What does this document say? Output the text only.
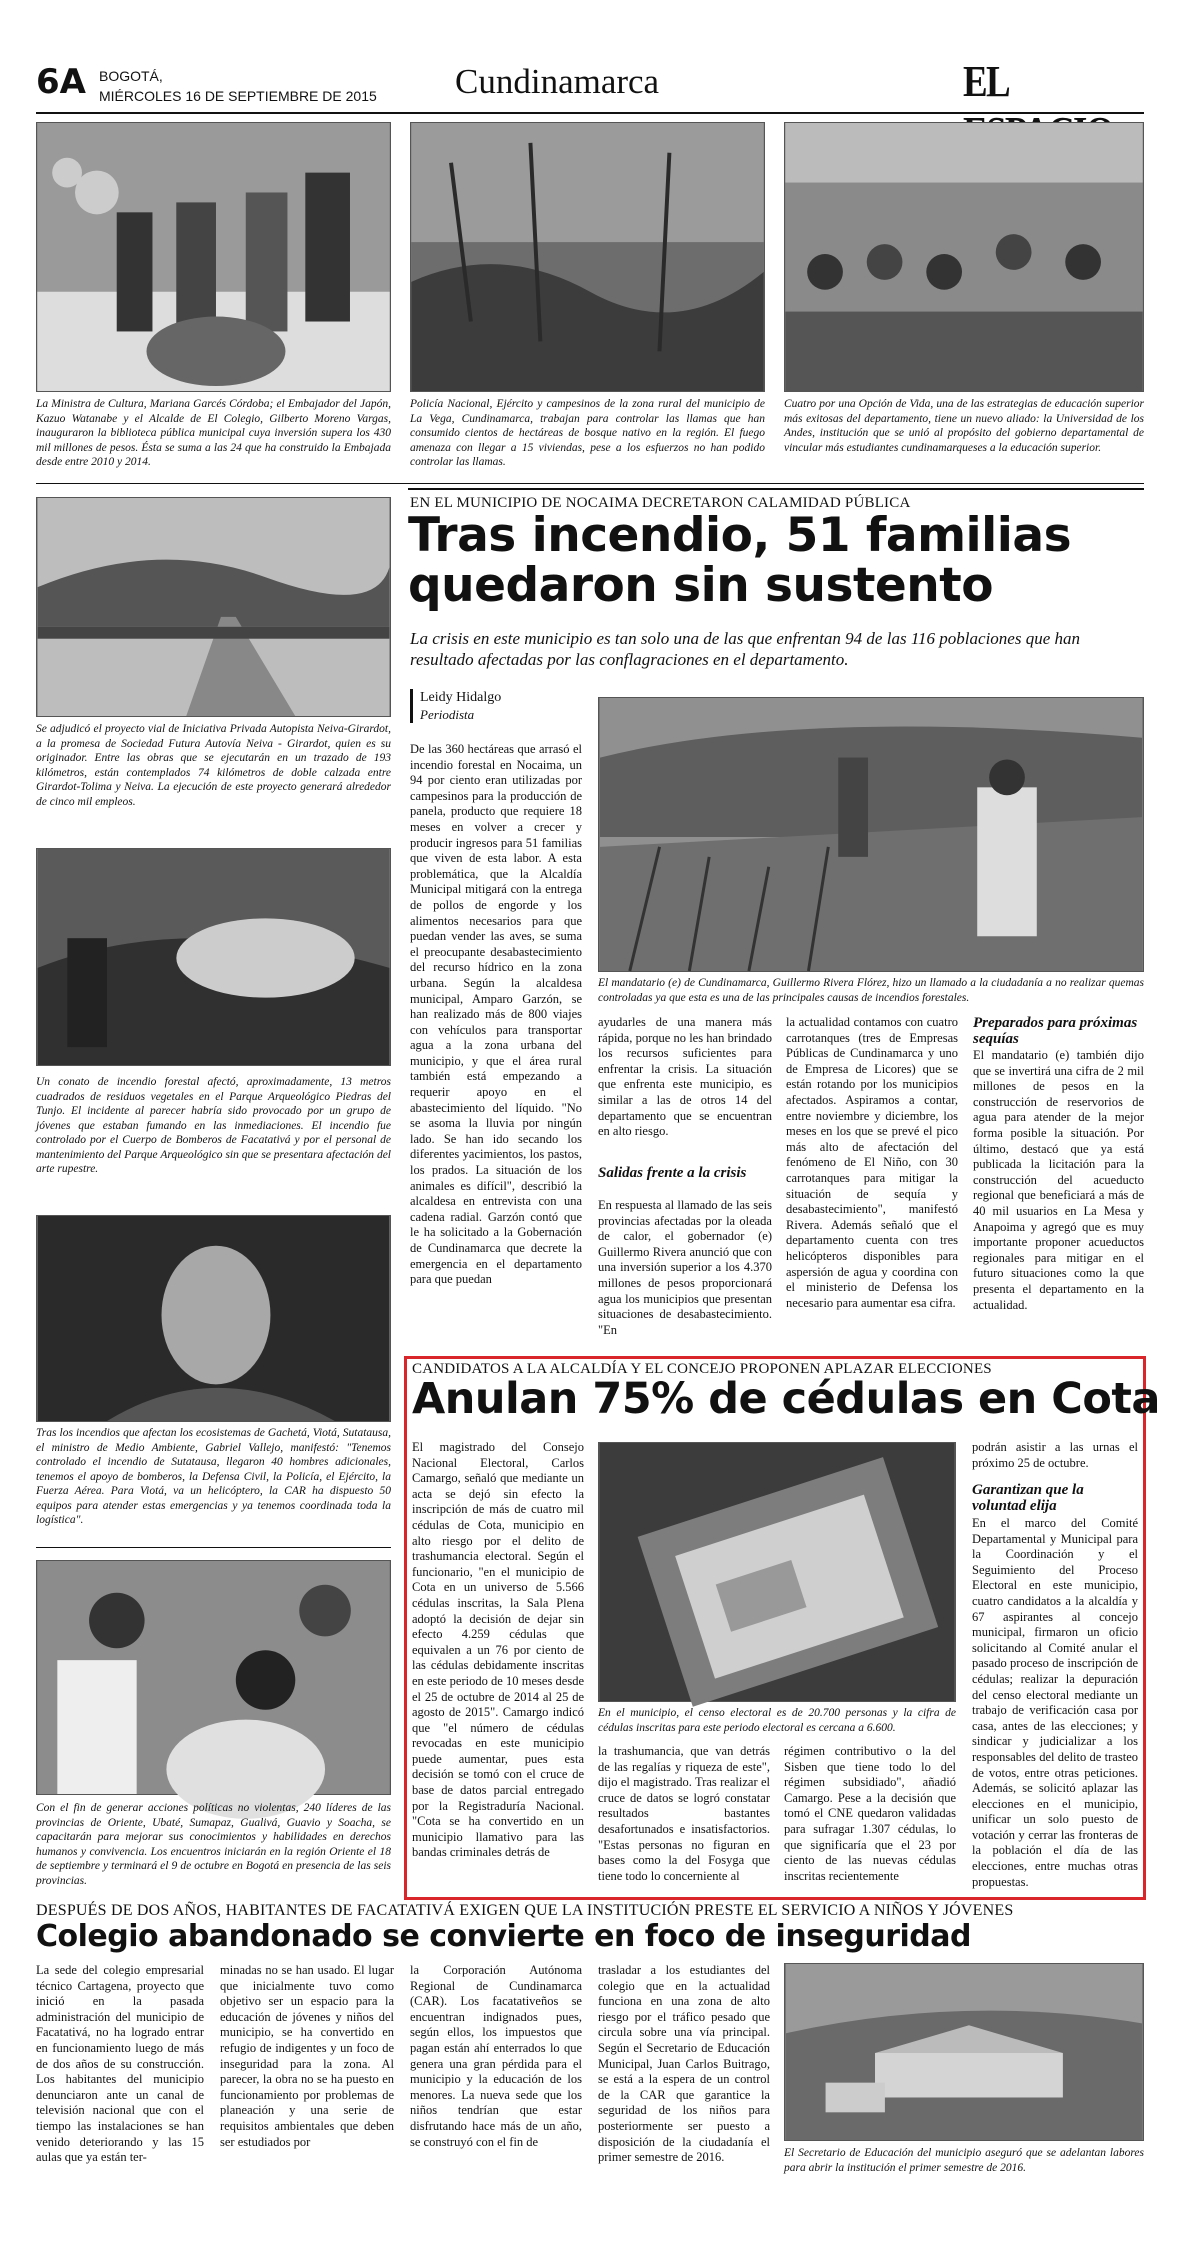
6A BOGOTÁ,
MIÉRCOLES 16 DE SEPTIEMBRE DE 2015 Cundinamarca	EL

La Ministra de Cultura, Mariana Garcés Córdoba; el Embajador del Japón, Kazuo Watanabe y el Alcalde de El Colegio, Gilberto Moreno Vargas, inauguraron la biblioteca pública municipal cuya inversión supera los 430 mil millones de pesos. Ésta se suma a las 24 que ha construido la Embajada desde entre 2010 y 2014.

Policía Nacional, Ejército y campesinos de la zona rural del municipio de La Vega, Cundinamarca, trabajan para controlar las llamas que han consumido cientos de hectáreas de bosque nativo en la región. El fuego amenaza con llegar a 15 viviendas, pese a los esfuerzos no han podido controlar las llamas.

Cuatro por una Opción de Vida, una de las estrategias de educación superior más exitosas del departamento, tiene un nuevo aliado: la Universidad de los Andes, institución que se unió al propósito del gobierno departamental de vincular más estudiantes cundinamarqueses a la educación superior.

Se adjudicó el proyecto vial de Iniciativa Privada Autopista Neiva-Girardot, a la promesa de Sociedad Futura Autovía Neiva - Girardot, quien es su originador. Entre las obras que se ejecutarán en un trazado de 193 kilómetros, están contemplados 74 kilómetros de doble calzada entre Girardot-Tolima y Neiva. La ejecución de este proyecto generará alrededor de cinco mil empleos.

Un conato de incendio forestal afectó, aproximadamente, 13 metros cuadrados de residuos vegetales en el Parque Arqueológico Piedras del Tunjo. El incidente al parecer habría sido provocado por un grupo de jóvenes que estaban fumando en las inmediaciones. El incendio fue controlado por el Cuerpo de Bomberos de Facatativá y por el personal de mantenimiento del Parque Arqueológico sin que se presentara afectación del arte rupestre.

Tras los incendios que afectan los ecosistemas de Gachetá, Viotá, Sutatausa, el ministro de Medio Ambiente, Gabriel Vallejo, manifestó: "Tenemos controlado el incendio de Sutatausa, llegaron 40 hombres adicionales, tenemos el apoyo de bomberos, la Defensa Civil, la Policía, el Ejército, la Fuerza Aérea. Para Viotá, va un helicóptero, la CAR ha dispuesto 50 equipos para atender estas emergencias y ya tenemos coordinada toda la logística".

Con el fin de generar acciones políticas no violentas, 240 líderes de las provincias de Oriente, Ubaté, Sumapaz, Gualivá, Guavio y Soacha, se capacitarán para mejorar sus conocimientos y habilidades en derechos humanos y convivencia. Los encuentros iniciarán en la región Oriente el 18 de septiembre y terminará el 9 de octubre en Bogotá en presencia de las seis provincias.

EN EL MUNICIPIO DE NOCAIMA DECRETARON CALAMIDAD PÚBLICA

Tras incendio, 51 familias

quedaron sin sustento

La crisis en este municipio es tan solo una de las que enfrentan 94 de las 116 poblaciones que han resultado afectadas por las conflagraciones en el departamento.

Leidy Hidalgo
Periodista

De las 360 hectáreas que arrasó el incendio forestal en Nocaima, un 94 por ciento eran utilizadas por campesinos para la producción de panela, producto que requiere 18 meses en volver a crecer y producir ingresos para 51 familias que viven de esta labor. A esta problemática, que la Alcaldía Municipal mitigará con la entrega de pollos de engorde y los alimentos necesarios para que puedan vender las aves, se suma el preocupante desabastecimiento del recurso hídrico en la zona urbana. Según la alcaldesa municipal, Amparo Garzón, se han realizado más de 800 viajes con vehículos para transportar agua a la zona urbana del municipio, y que el área rural también está empezando a requerir apoyo en el abastecimiento del líquido. "No se asoma la lluvia por ningún lado. Se han ido secando los diferentes yacimientos, los pastos, los prados. La situación de los animales es difícil", describió la alcaldesa en entrevista con una cadena radial. Garzón contó que le ha solicitado a la Gobernación de Cundinamarca que decrete la emergencia en el departamento para que puedan

El mandatario (e) de Cundinamarca, Guillermo Rivera Flórez, hizo un llamado a la ciudadanía a no realizar quemas controladas ya que esta es una de las principales causas de incendios forestales.

ayudarles de una manera más rápida, porque no les han brindado los recursos suficientes para enfrentar la crisis. La situación que enfrenta este municipio, es similar a las de otros 14 del departamento que se encuentran en alto riesgo.

Salidas frente a la crisis

En respuesta al llamado de las seis provincias afectadas por la oleada de calor, el gobernador (e) Guillermo Rivera anunció que con una inversión superior a los 4.370 millones de pesos proporcionará agua los municipios que presentan situaciones de desabastecimiento. "En

la actualidad contamos con cuatro carrotanques (tres de Empresas Públicas de Cundinamarca y uno de Empresa de Licores) que se están rotando por los municipios afectados. Aspiramos a contar, entre noviembre y diciembre, los meses en los que se prevé el pico más alto de afectación del fenómeno de El Niño, con 30 carrotanques para mitigar la situación de sequía y desabastecimiento", manifestó Rivera. Además señaló que el departamento cuenta con tres helicópteros disponibles para aspersión de agua y coordina con el ministerio de Defensa los necesario para aumentar esa cifra.

Preparados para próximas sequías

El mandatario (e) también dijo que se invertirá una cifra de 2 mil millones de pesos en la construcción de reservorios de agua para atender de la mejor forma posible la situación. Por último, destacó que ya está publicada la licitación para la construcción del acueducto regional que beneficiará a más de 40 mil usuarios en La Mesa y Anapoima y agregó que es muy importante proponer acueductos regionales para mitigar en el futuro situaciones como la que presenta el departamento en la actualidad.

CANDIDATOS A LA ALCALDÍA Y EL CONCEJO PROPONEN APLAZAR ELECCIONES

Anulan 75% de cédulas en Cota

El magistrado del Consejo Nacional Electoral, Carlos Camargo, señaló que mediante un acta se dejó sin efecto la inscripción de más de cuatro mil cédulas de Cota, municipio en alto riesgo por el delito de trashumancia electoral. Según el funcionario, "en el municipio de Cota en un universo de 5.566 cédulas inscritas, la Sala Plena adoptó la decisión de dejar sin efecto 4.259 cédulas que equivalen a un 76 por ciento de las cédulas debidamente inscritas en este periodo de 10 meses desde el 25 de octubre de 2014 al 25 de agosto de 2015". Camargo indicó que "el número de cédulas revocadas en este municipio puede aumentar, pues esta decisión se tomó con el cruce de base de datos parcial entregado por la Registraduría Nacional. "Cota se ha convertido en un municipio llamativo para las bandas criminales detrás de

En el municipio, el censo electoral es de 20.700 personas y la cifra de cédulas inscritas para este periodo electoral es cercana a 6.600.

la trashumancia, que van detrás de las regalías y riqueza de este", dijo el magistrado. Tras realizar el cruce de datos se logró constatar resultados bastantes desafortunados e insatisfactorios. "Estas personas no figuran en bases como la del Fosyga que tiene todo lo concerniente al

régimen contributivo o la del Sisben que tiene todo lo del régimen subsidiado", añadió Camargo. Pese a la decisión que tomó el CNE quedaron validadas para sufragar 1.307 cédulas, lo que significaría que el 23 por ciento de las nuevas cédulas inscritas recientemente

podrán asistir a las urnas el próximo 25 de octubre.

Garantizan que la voluntad elija

En el marco del Comité Departamental y Municipal para la Coordinación y el Seguimiento del Proceso Electoral en este municipio, cuatro candidatos a la alcaldía y 67 aspirantes al concejo municipal, firmaron un oficio solicitando al Comité anular el pasado proceso de inscripción de cédulas; realizar la depuración del censo electoral mediante un trabajo de verificación casa por casa, antes de las elecciones; y sindicar y judicializar a los responsables del delito de trasteo de votos, entre otras peticiones. Además, se solicitó aplazar las elecciones en el municipio, unificar un solo puesto de votación y cerrar las fronteras de la población el día de las elecciones, entre muchas otras propuestas.

DESPUÉS DE DOS AÑOS, HABITANTES DE FACATATIVÁ EXIGEN QUE LA INSTITUCIÓN PRESTE EL SERVICIO A NIÑOS Y JÓVENES

Colegio abandonado se convierte en foco de inseguridad

La sede del colegio empresarial técnico Cartagena, proyecto que inició en la pasada administración del municipio de Facatativá, no ha logrado entrar en funcionamiento luego de más de dos años de su construcción. Los habitantes del municipio denunciaron ante un canal de televisión nacional que con el tiempo las instalaciones se han venido deteriorando y las 15 aulas que ya están ter-

minadas no se han usado. El lugar que inicialmente tuvo como objetivo ser un espacio para la educación de jóvenes y niños del municipio, se ha convertido en refugio de indigentes y un foco de inseguridad para la zona. Al parecer, la obra no se ha puesto en funcionamiento por problemas de planeación y una serie de requisitos ambientales que deben ser estudiados por

la Corporación Autónoma Regional de Cundinamarca (CAR). Los facatativeños se encuentran indignados pues, según ellos, los impuestos que pagan están ahí enterrados lo que genera una gran pérdida para el municipio y la educación de los menores. La nueva sede que los niños tendrían que estar disfrutando hace más de un año, se construyó con el fin de

trasladar a los estudiantes del colegio que en la actualidad funciona en una zona de alto riesgo por el tráfico pesado que circula sobre una vía principal. Según el Secretario de Educación Municipal, Juan Carlos Buitrago, se está a la espera de un control de la CAR que garantice la seguridad de los niños para posteriormente ser puesto a disposición de la ciudadanía el primer semestre de 2016.	El Secretario de Educación del municipio aseguró que se adelantan labores para abrir la institución el primer semestre de 2016.
